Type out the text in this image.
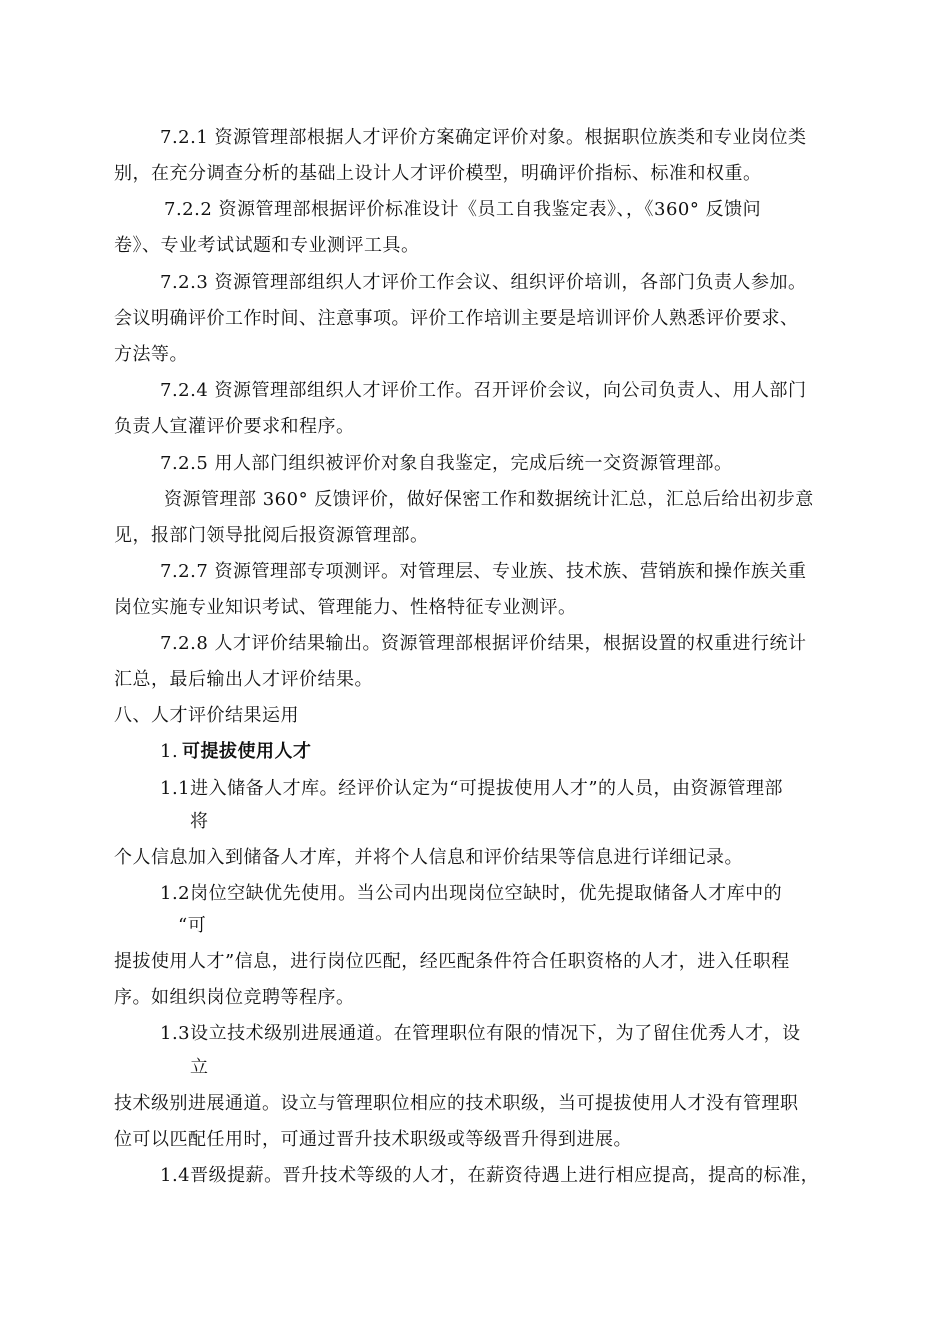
7.2.1 资源管理部根据人才评价方案确定评价对象。根据职位族类和专业岗位类
别，在充分调查分析的基础上设计人才评价模型，明确评价指标、标准和权重。
7.2.2 资源管理部根据评价标准设计《员工自我鉴定表》、，《360° 反馈问
卷》、专业考试试题和专业测评工具。
7.2.3 资源管理部组织人才评价工作会议、组织评价培训，各部门负责人参加。
会议明确评价工作时间、注意事项。评价工作培训主要是培训评价人熟悉评价要求、
方法等。
7.2.4 资源管理部组织人才评价工作。召开评价会议，向公司负责人、用人部门
负责人宣灌评价要求和程序。
7.2.5 用人部门组织被评价对象自我鉴定，完成后统一交资源管理部。
资源管理部 360° 反馈评价，做好保密工作和数据统计汇总，汇总后给出初步意
见，报部门领导批阅后报资源管理部。
7.2.7 资源管理部专项测评。对管理层、专业族、技术族、营销族和操作族关重
岗位实施专业知识考试、管理能力、性格特征专业测评。
7.2.8 人才评价结果输出。资源管理部根据评价结果，根据设置的权重进行统计
汇总，最后输出人才评价结果。
八、人才评价结果运用
1. 可提拔使用人才
1.1进入储备人才库。经评价认定为“可提拔使用人才”的人员，由资源管理部
将
个人信息加入到储备人才库，并将个人信息和评价结果等信息进行详细记录。
1.2岗位空缺优先使用。当公司内出现岗位空缺时，优先提取储备人才库中的
“可
提拔使用人才”信息，进行岗位匹配，经匹配条件符合任职资格的人才，进入任职程
序。如组织岗位竞聘等程序。
1.3设立技术级别进展通道。在管理职位有限的情况下，为了留住优秀人才，设
立
技术级别进展通道。设立与管理职位相应的技术职级，当可提拔使用人才没有管理职
位可以匹配任用时，可通过晋升技术职级或等级晋升得到进展。
1.4晋级提薪。晋升技术等级的人才，在薪资待遇上进行相应提高，提高的标准，
